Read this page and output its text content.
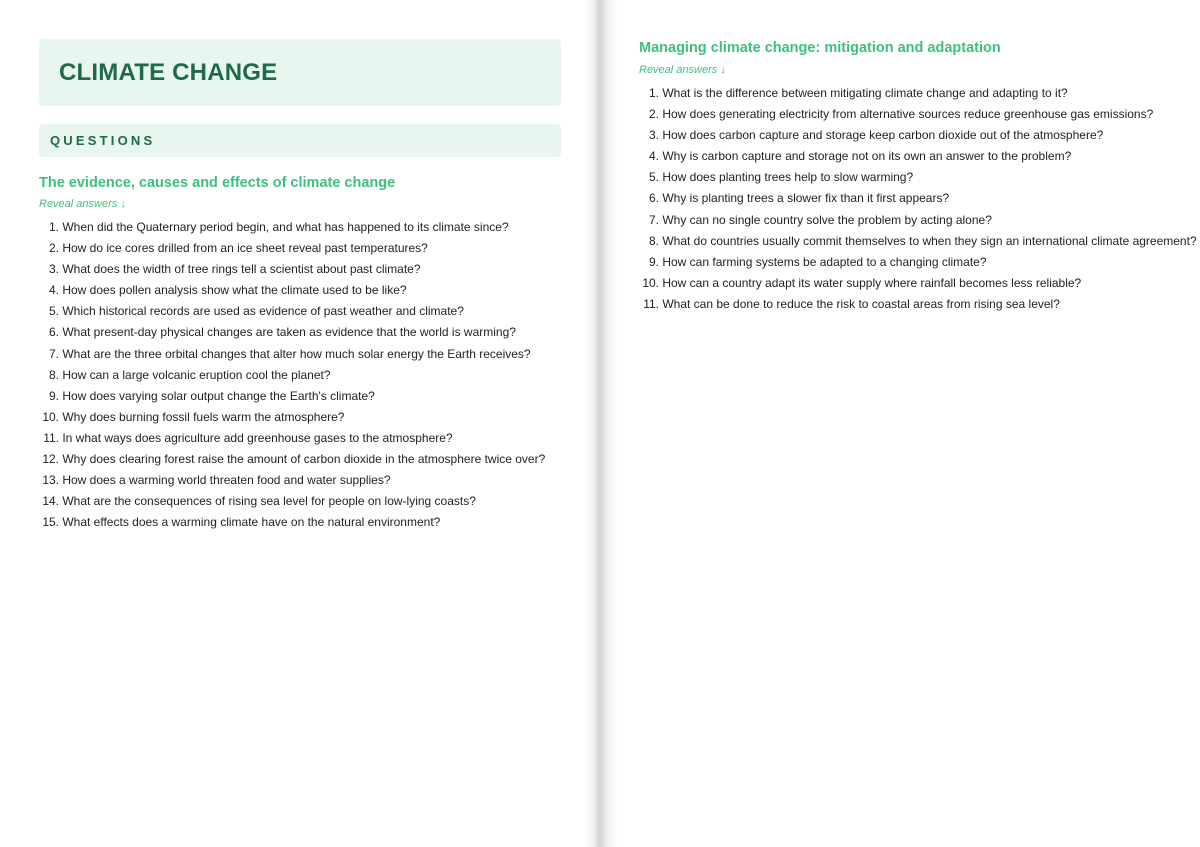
CLIMATE CHANGE
QUESTIONS
The evidence, causes and effects of climate change
Reveal answers ↓
1. When did the Quaternary period begin, and what has happened to its climate since?
2. How do ice cores drilled from an ice sheet reveal past temperatures?
3. What does the width of tree rings tell a scientist about past climate?
4. How does pollen analysis show what the climate used to be like?
5. Which historical records are used as evidence of past weather and climate?
6. What present-day physical changes are taken as evidence that the world is warming?
7. What are the three orbital changes that alter how much solar energy the Earth receives?
8. How can a large volcanic eruption cool the planet?
9. How does varying solar output change the Earth's climate?
10. Why does burning fossil fuels warm the atmosphere?
11. In what ways does agriculture add greenhouse gases to the atmosphere?
12. Why does clearing forest raise the amount of carbon dioxide in the atmosphere twice over?
13. How does a warming world threaten food and water supplies?
14. What are the consequences of rising sea level for people on low-lying coasts?
15. What effects does a warming climate have on the natural environment?
Managing climate change: mitigation and adaptation
Reveal answers ↓
1. What is the difference between mitigating climate change and adapting to it?
2. How does generating electricity from alternative sources reduce greenhouse gas emissions?
3. How does carbon capture and storage keep carbon dioxide out of the atmosphere?
4. Why is carbon capture and storage not on its own an answer to the problem?
5. How does planting trees help to slow warming?
6. Why is planting trees a slower fix than it first appears?
7. Why can no single country solve the problem by acting alone?
8. What do countries usually commit themselves to when they sign an international climate agreement?
9. How can farming systems be adapted to a changing climate?
10. How can a country adapt its water supply where rainfall becomes less reliable?
11. What can be done to reduce the risk to coastal areas from rising sea level?
